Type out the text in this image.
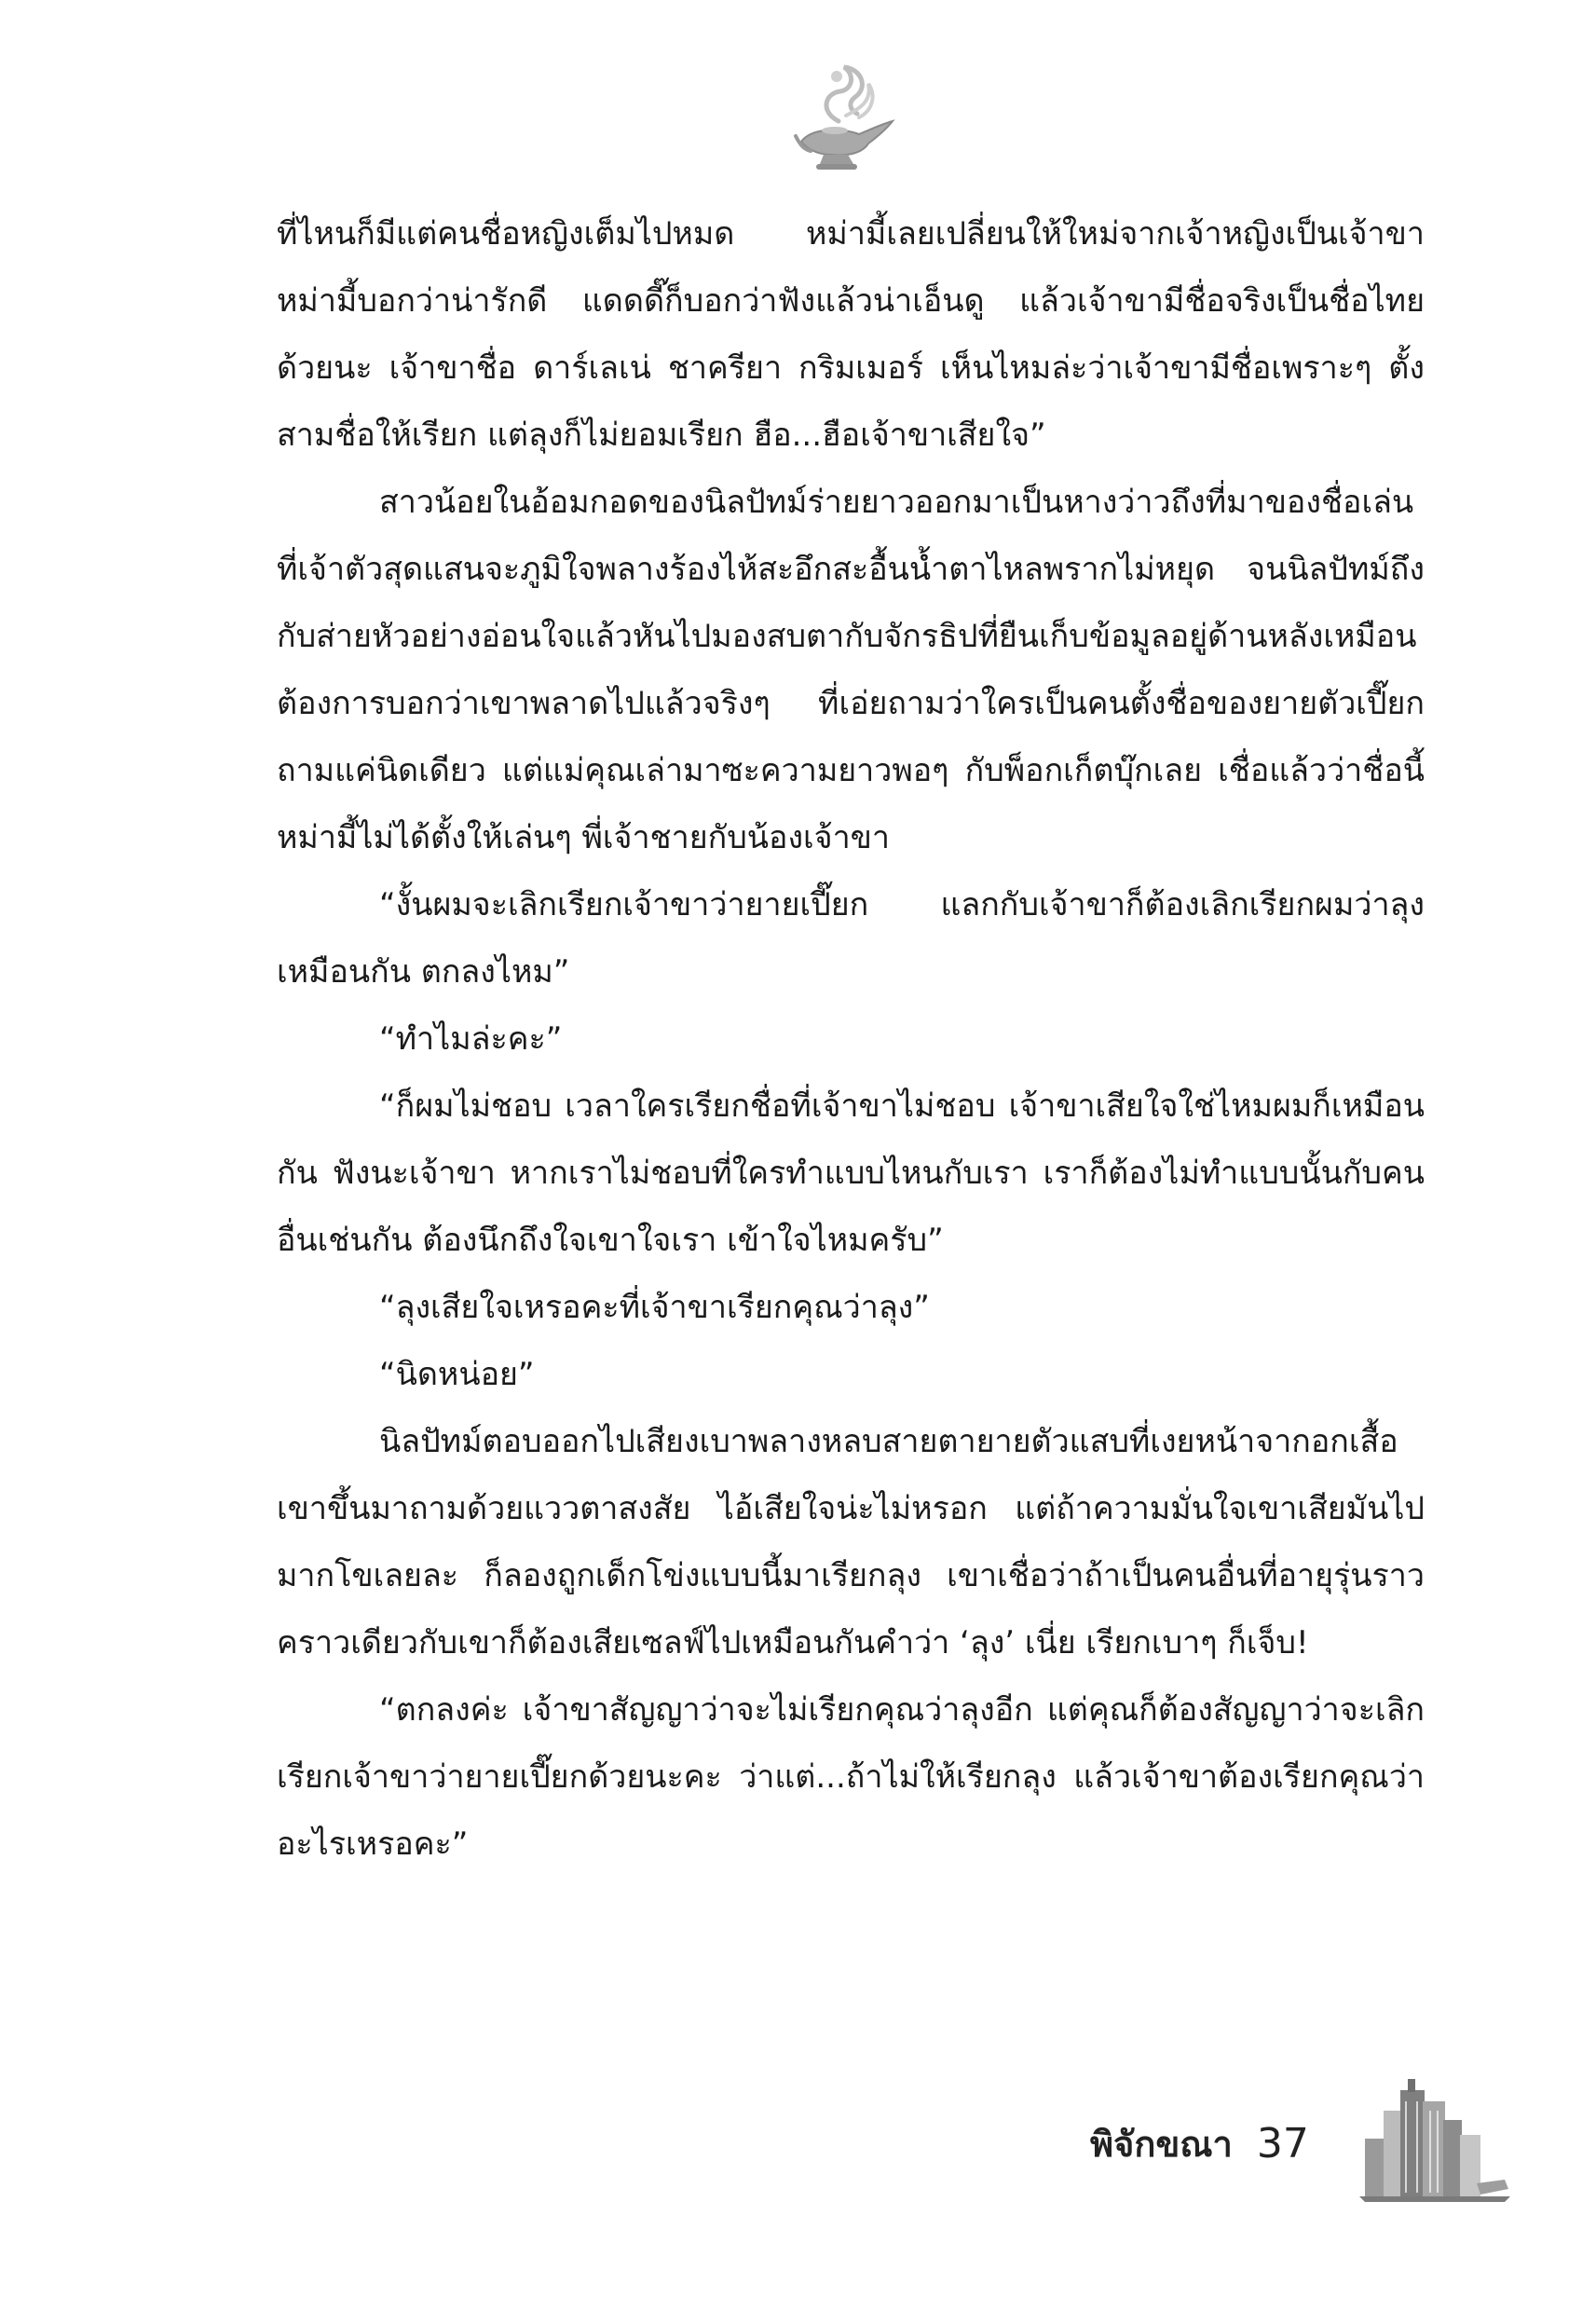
ที่ไหนก็มีแต่คนชื่อหญิงเต็มไปหมด หม่ามี้เลยเปลี่ยนให้ใหม่จากเจ้าหญิงเป็นเจ้าขา หม่ามี้บอกว่าน่ารักดี แดดดี๊ก็บอกว่าฟังแล้วน่าเอ็นดู แล้วเจ้าขามีชื่อจริงเป็นชื่อไทยด้วยนะ เจ้าขาชื่อ ดาร์เลเน่ ชาครียา กริมเมอร์ เห็นไหมล่ะว่าเจ้าขามีชื่อเพราะๆ ตั้งสามชื่อให้เรียก แต่ลุงก็ไม่ยอมเรียก ฮือ...ฮือเจ้าขาเสียใจ”

สาวน้อยในอ้อมกอดของนิลปัทม์ร่ายยาวออกมาเป็นหางว่าวถึงที่มาของชื่อเล่นที่เจ้าตัวสุดแสนจะภูมิใจพลางร้องไห้สะอึกสะอื้นน้ำตาไหลพรากไม่หยุด จนนิลปัทม์ถึงกับส่ายหัวอย่างอ่อนใจแล้วหันไปมองสบตากับจักรธิปที่ยืนเก็บข้อมูลอยู่ด้านหลังเหมือนต้องการบอกว่าเขาพลาดไปแล้วจริงๆ ที่เอ่ยถามว่าใครเป็นคนตั้งชื่อของยายตัวเปี๊ยก ถามแค่นิดเดียว แต่แม่คุณเล่ามาซะความยาวพอๆ กับพ็อกเก็ตบุ๊กเลย เชื่อแล้วว่าชื่อนี้หม่ามี้ไม่ได้ตั้งให้เล่นๆ พี่เจ้าชายกับน้องเจ้าขา

“งั้นผมจะเลิกเรียกเจ้าขาว่ายายเปี๊ยก แลกกับเจ้าขาก็ต้องเลิกเรียกผมว่าลุงเหมือนกัน ตกลงไหม”

“ทำไมล่ะคะ”

“ก็ผมไม่ชอบ เวลาใครเรียกชื่อที่เจ้าขาไม่ชอบ เจ้าขาเสียใจใช่ไหมผมก็เหมือนกัน ฟังนะเจ้าขา หากเราไม่ชอบที่ใครทำแบบไหนกับเรา เราก็ต้องไม่ทำแบบนั้นกับคนอื่นเช่นกัน ต้องนึกถึงใจเขาใจเรา เข้าใจไหมครับ”

“ลุงเสียใจเหรอคะที่เจ้าขาเรียกคุณว่าลุง”

“นิดหน่อย”

นิลปัทม์ตอบออกไปเสียงเบาพลางหลบสายตายายตัวแสบที่เงยหน้าจากอกเสื้อเขาขึ้นมาถามด้วยแววตาสงสัย ไอ้เสียใจน่ะไม่หรอก แต่ถ้าความมั่นใจเขาเสียมันไปมากโขเลยละ ก็ลองถูกเด็กโข่งแบบนี้มาเรียกลุง เขาเชื่อว่าถ้าเป็นคนอื่นที่อายุรุ่นราวคราวเดียวกับเขาก็ต้องเสียเซลฟ์ไปเหมือนกันคำว่า ‘ลุง’ เนี่ย เรียกเบาๆ ก็เจ็บ!

“ตกลงค่ะ เจ้าขาสัญญาว่าจะไม่เรียกคุณว่าลุงอีก แต่คุณก็ต้องสัญญาว่าจะเลิกเรียกเจ้าขาว่ายายเปี๊ยกด้วยนะคะ ว่าแต่...ถ้าไม่ให้เรียกลุง แล้วเจ้าขาต้องเรียกคุณว่าอะไรเหรอคะ”

พิจักขณา 37
